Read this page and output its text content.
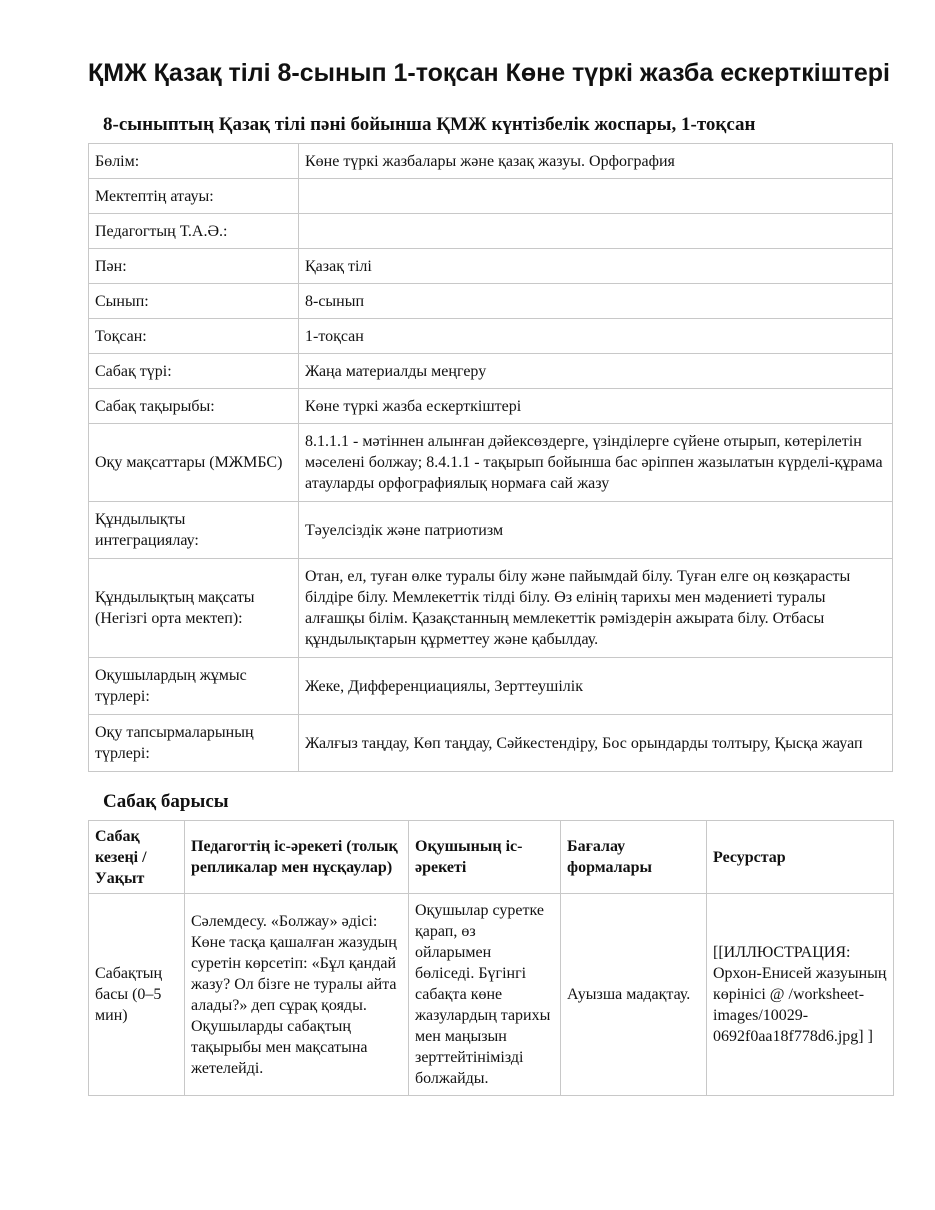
ҚМЖ Қазақ тілі 8-сынып 1-тоқсан Көне түркі жазба ескерткіштері
8-сыныптың Қазақ тілі пәні бойынша ҚМЖ күнтізбелік жоспары, 1-тоқсан
Бөлім:	Көне түркі жазбалары және қазақ жазуы. Орфография
Мектептің атауы:	
Педагогтың Т.А.Ә.:	
Пән:	Қазақ тілі
Сынып:	8-сынып
Тоқсан:	1-тоқсан
Сабақ түрі:	Жаңа материалды меңгеру
Сабақ тақырыбы:	Көне түркі жазба ескерткіштері
Оқу мақсаттары (МЖМБС)	8.1.1.1 - мәтіннен алынған дәйексөздерге, үзінділерге сүйене отырып, көтерілетін мәселені болжау; 8.4.1.1 - тақырып бойынша бас әріппен жазылатын күрделі-құрама атауларды орфографиялық нормаға сай жазу
Құндылықты интеграциялау:	Тәуелсіздік және патриотизм
Құндылықтың мақсаты (Негізгі орта мектеп):	Отан, ел, туған өлке туралы білу және пайымдай білу. Туған елге оң көзқарасты білдіре білу. Мемлекеттік тілді білу. Өз елінің тарихы мен мәдениеті туралы алғашқы білім. Қазақстанның мемлекеттік рәміздерін ажырата білу. Отбасы құндылықтарын құрметтеу және қабылдау.
Оқушылардың жұмыс түрлері:	Жеке, Дифференциациялы, Зерттеушілік
Оқу тапсырмаларының түрлері:	Жалғыз таңдау, Көп таңдау, Сәйкестендіру, Бос орындарды толтыру, Қысқа жауап
Сабақ барысы
Сабақ кезеңі / Уақыт	Педагогтің іс-әрекеті (толық репликалар мен нұсқаулар)	Оқушының іс-әрекеті	Бағалау формалары	Ресурстар
Сабақтың басы (0–5 мин)	Сәлемдесу. «Болжау» әдісі: Көне тасқа қашалған жазудың суретін көрсетіп: «Бұл қандай жазу? Ол бізге не туралы айта алады?» деп сұрақ қояды. Оқушыларды сабақтың тақырыбы мен мақсатына жетелейді.	Оқушылар суретке қарап, өз ойларымен бөліседі. Бүгінгі сабақта көне жазулардың тарихы мен маңызын зерттейтінімізді болжайды.	Ауызша мадақтау.	[[ИЛЛЮСТРАЦИЯ: Орхон-Енисей жазуының көрінісі @ /worksheet-images/10029-0692f0aa18f778d6.jpg] ]
